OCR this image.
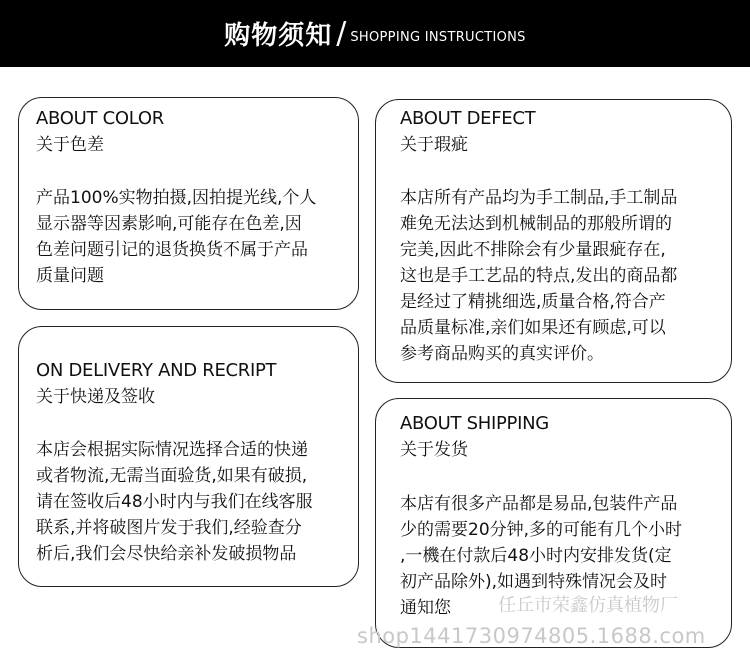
购物须知 / SHOPPING INSTRUCTIONS
ABOUT COLOR
关于色差
产品100%实物拍摄,因拍提光线,个人
显示器等因素影响,可能存在色差,因
色差问题引记的退货换货不属于产品
质量问题
ON DELIVERY AND RECRIPT
关于快递及签收
本店会根据实际情况选择合适的快递
或者物流,无需当面验货,如果有破损,
请在签收后48小时内与我们在线客服
联系,并将破图片发于我们,经验查分
析后,我们会尽快给亲补发破损物品
ABOUT DEFECT
关于瑕疵
本店所有产品均为手工制品,手工制品
难免无法达到机械制品的那般所谓的
完美,因此不排除会有少量跟疵存在,
这也是手工艺品的特点,发出的商品都
是经过了精挑细选,质量合格,符合产
品质量标准,亲们如果还有顾虑,可以
参考商品购买的真实评价。
ABOUT SHIPPING
关于发货
本店有很多产品都是易品,包装件产品
少的需要20分钟,多的可能有几个小时
,一機在付款后48小时内安排发货(定
初产品除外),如遇到特殊情况会及时
通知您	任丘市荣鑫仿真植物厂
shop1441730974805.1688.com
